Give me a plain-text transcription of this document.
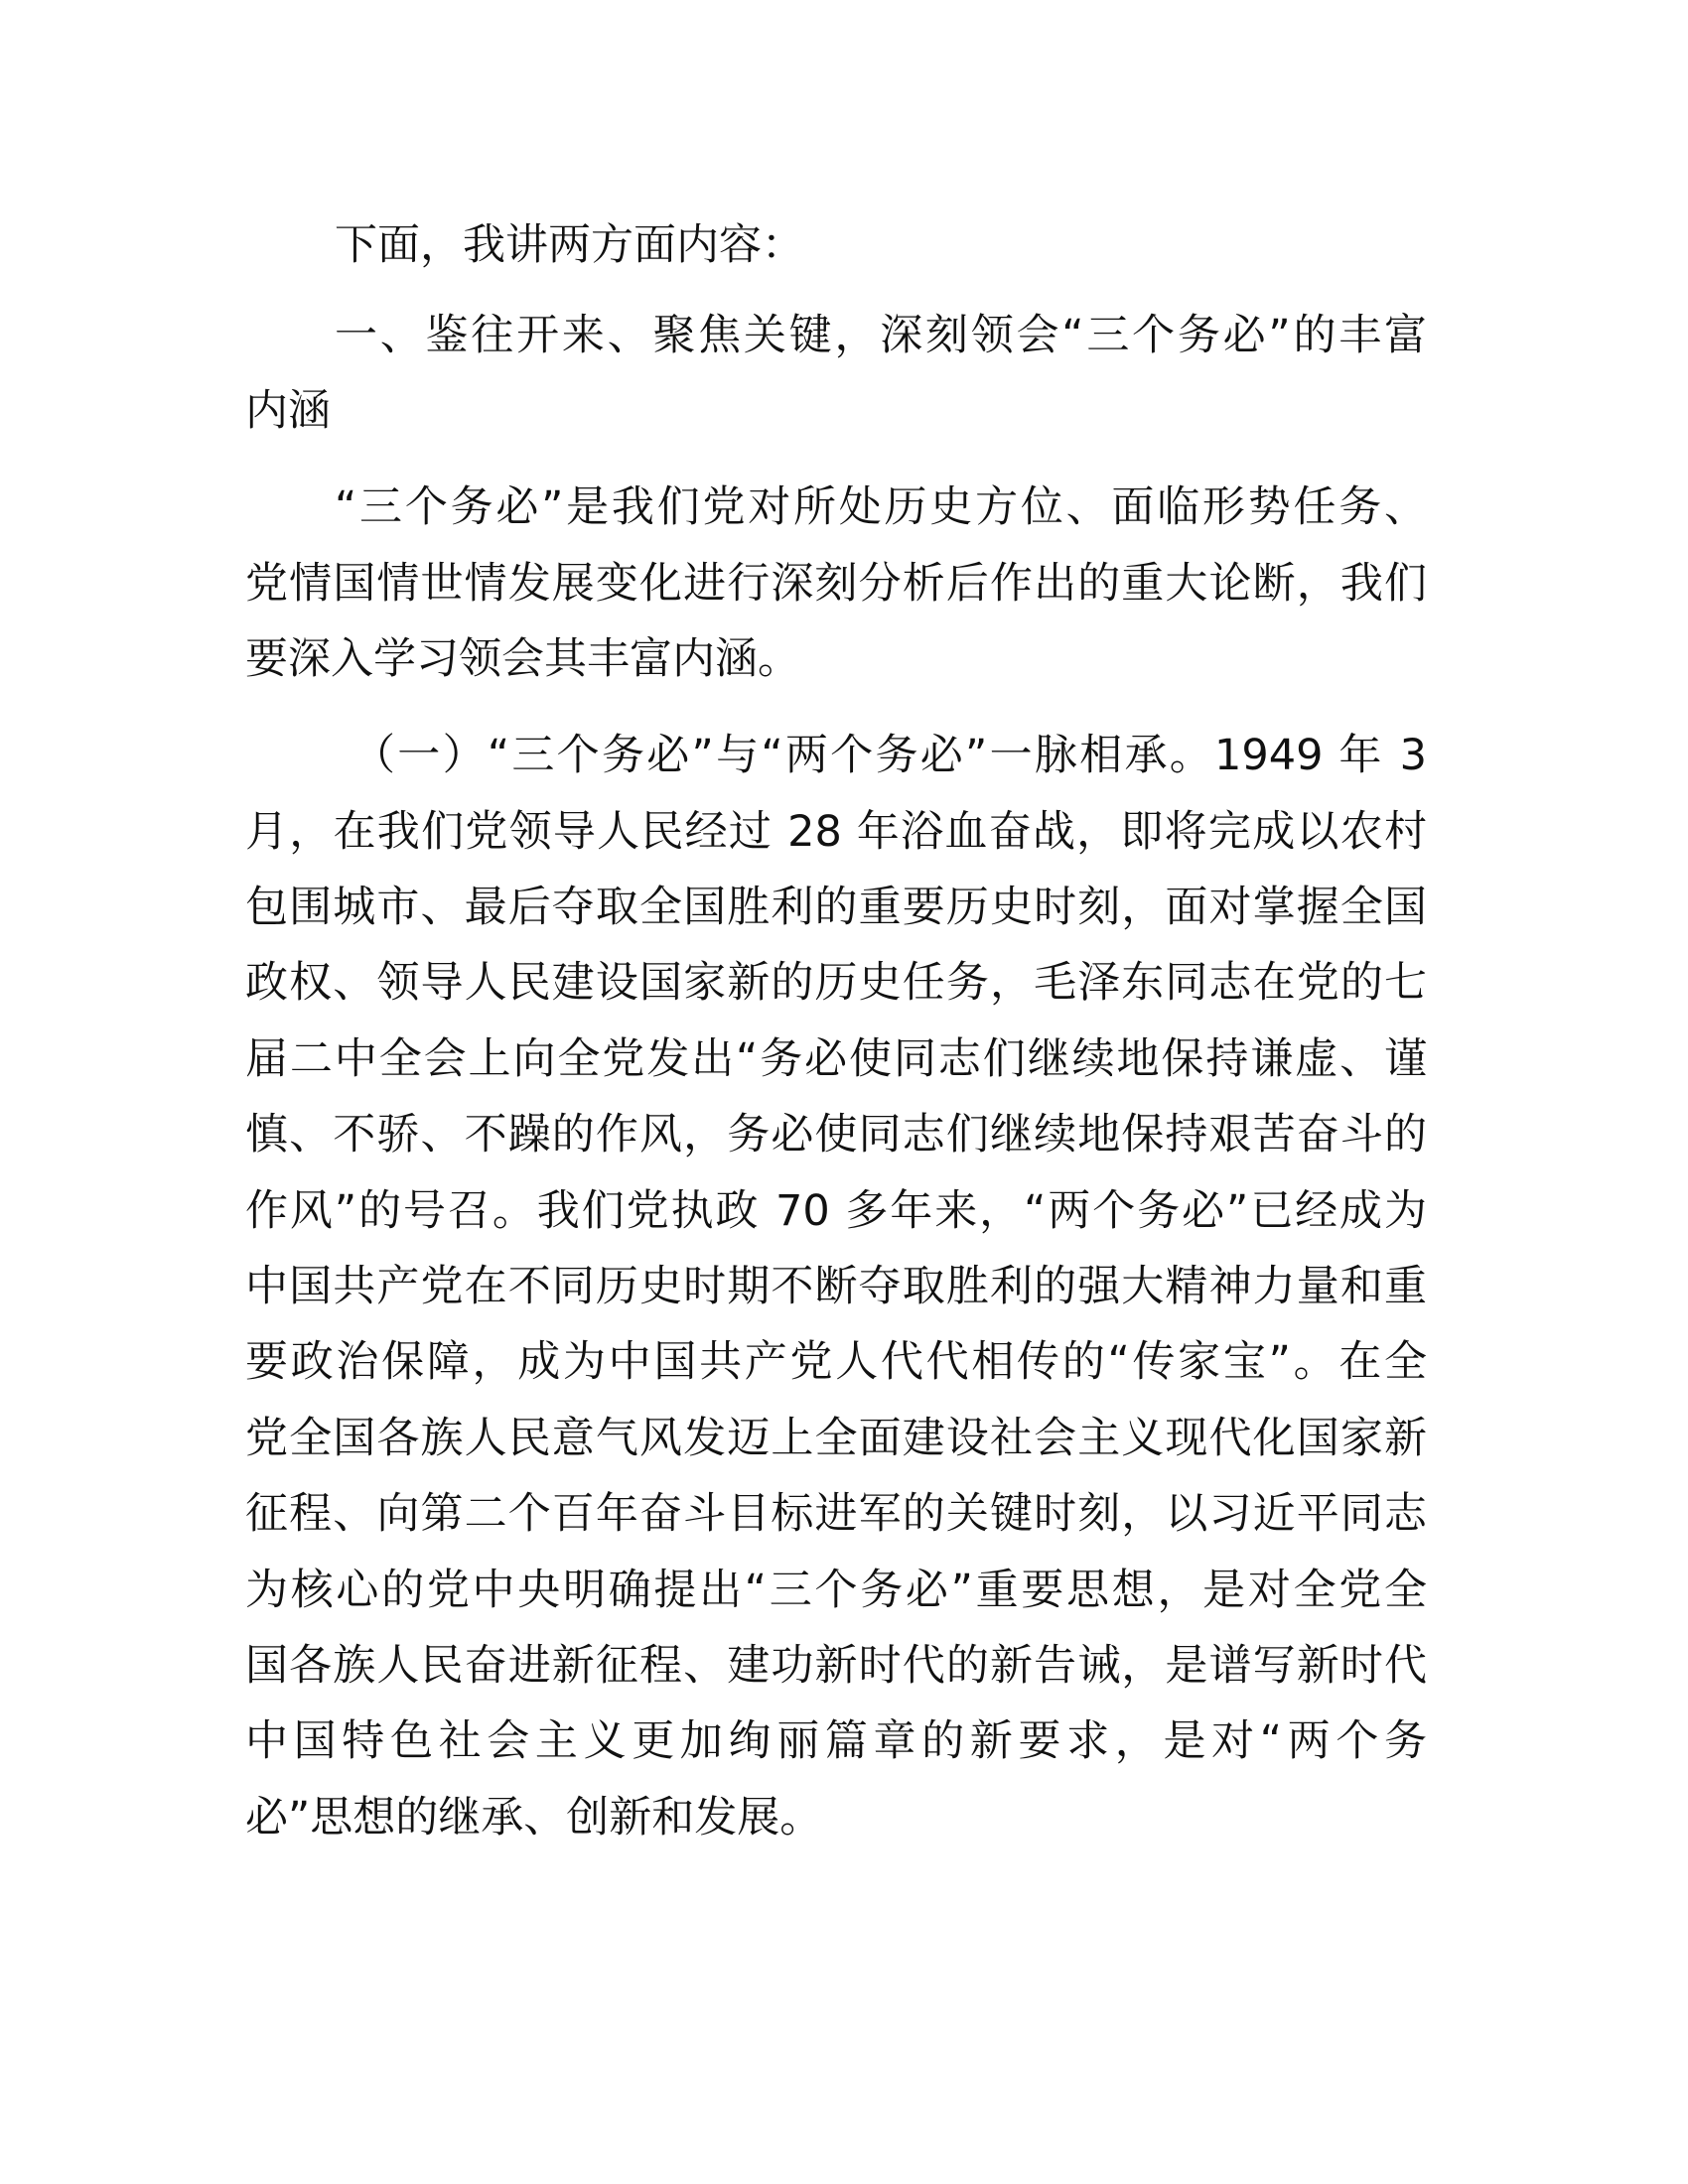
下面，我讲两方面内容：
一、鉴往开来、聚焦关键，深刻领会“三个务必”的丰富
内涵
“三个务必”是我们党对所处历史方位、面临形势任务、
党情国情世情发展变化进行深刻分析后作出的重大论断，我们
要深入学习领会其丰富内涵。
（一）“三个务必”与“两个务必”一脉相承。1949 年 3
月，在我们党领导人民经过 28 年浴血奋战，即将完成以农村
包围城市、最后夺取全国胜利的重要历史时刻，面对掌握全国
政权、领导人民建设国家新的历史任务，毛泽东同志在党的七
届二中全会上向全党发出“务必使同志们继续地保持谦虚、谨
慎、不骄、不躁的作风，务必使同志们继续地保持艰苦奋斗的
作风”的号召。我们党执政 70 多年来，“两个务必”已经成为
中国共产党在不同历史时期不断夺取胜利的强大精神力量和重
要政治保障，成为中国共产党人代代相传的“传家宝”。在全
党全国各族人民意气风发迈上全面建设社会主义现代化国家新
征程、向第二个百年奋斗目标进军的关键时刻，以习近平同志
为核心的党中央明确提出“三个务必”重要思想，是对全党全
国各族人民奋进新征程、建功新时代的新告诫，是谱写新时代
中国特色社会主义更加绚丽篇章的新要求，是对“两个务
必”思想的继承、创新和发展。
